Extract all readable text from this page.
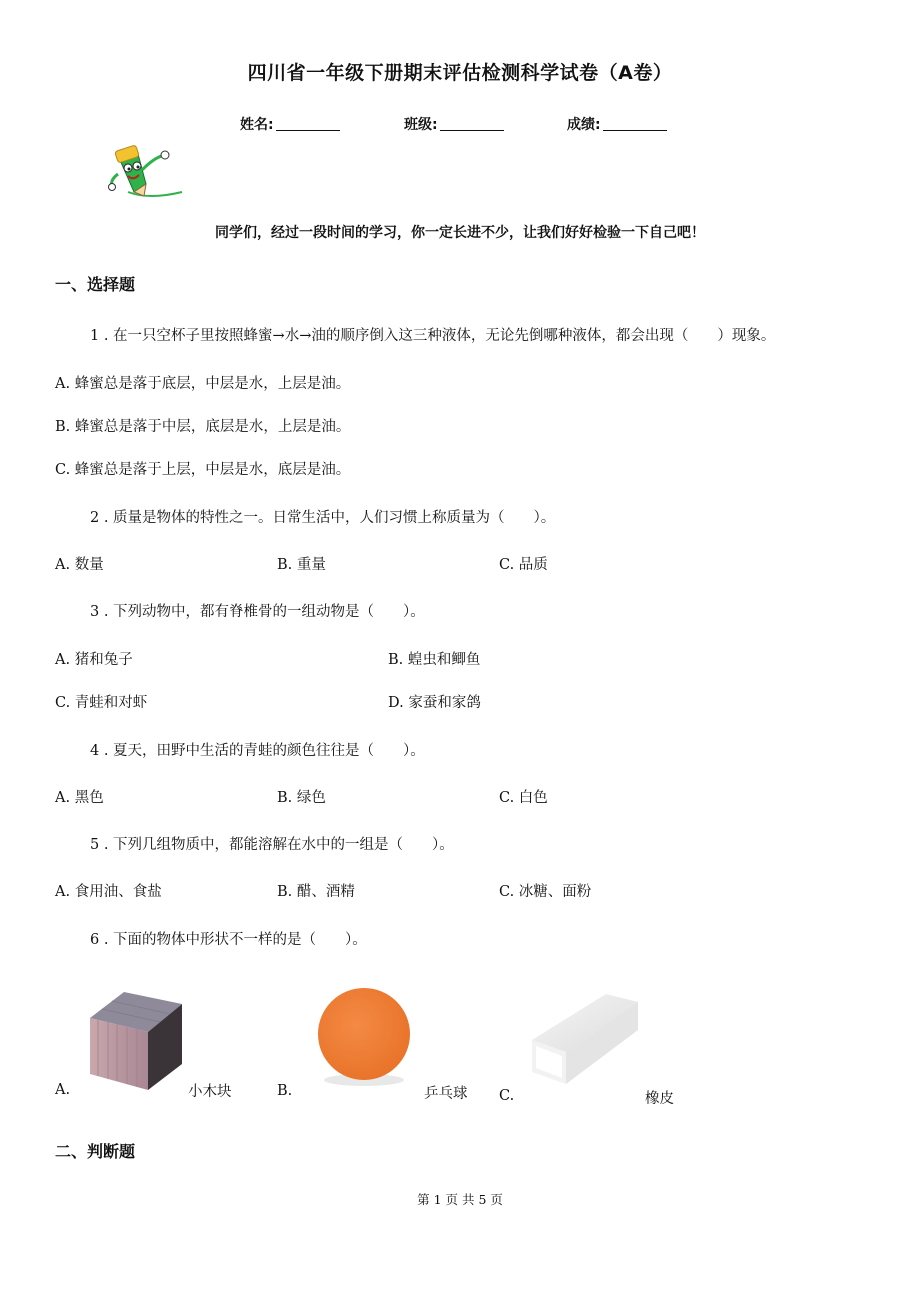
四川省一年级下册期末评估检测科学试卷（A卷）
姓名:	班级:	成绩:
同学们，经过一段时间的学习，你一定长进不少，让我们好好检验一下自己吧！
一、选择题
1 . 在一只空杯子里按照蜂蜜→水→油的顺序倒入这三种液体，无论先倒哪种液体，都会出现（　　）现象。
A. 蜂蜜总是落于底层，中层是水，上层是油。
B. 蜂蜜总是落于中层，底层是水，上层是油。
C. 蜂蜜总是落于上层，中层是水，底层是油。
2 . 质量是物体的特性之一。日常生活中，人们习惯上称质量为（　　）。
A. 数量	B. 重量	C. 品质
3 . 下列动物中，都有脊椎骨的一组动物是（　　）。
A. 猪和兔子	B. 蝗虫和鲫鱼
C. 青蛙和对虾	D. 家蚕和家鸽
4 . 夏天，田野中生活的青蛙的颜色往往是（　　）。
A. 黑色	B. 绿色	C. 白色
5 . 下列几组物质中，都能溶解在水中的一组是（　　）。
A. 食用油、食盐	B. 醋、酒精	C. 冰糖、面粉
6 . 下面的物体中形状不一样的是（　　）。
A.	小木块	B.	乒乓球 C.	橡皮
二、判断题
第 1 页 共 5 页
